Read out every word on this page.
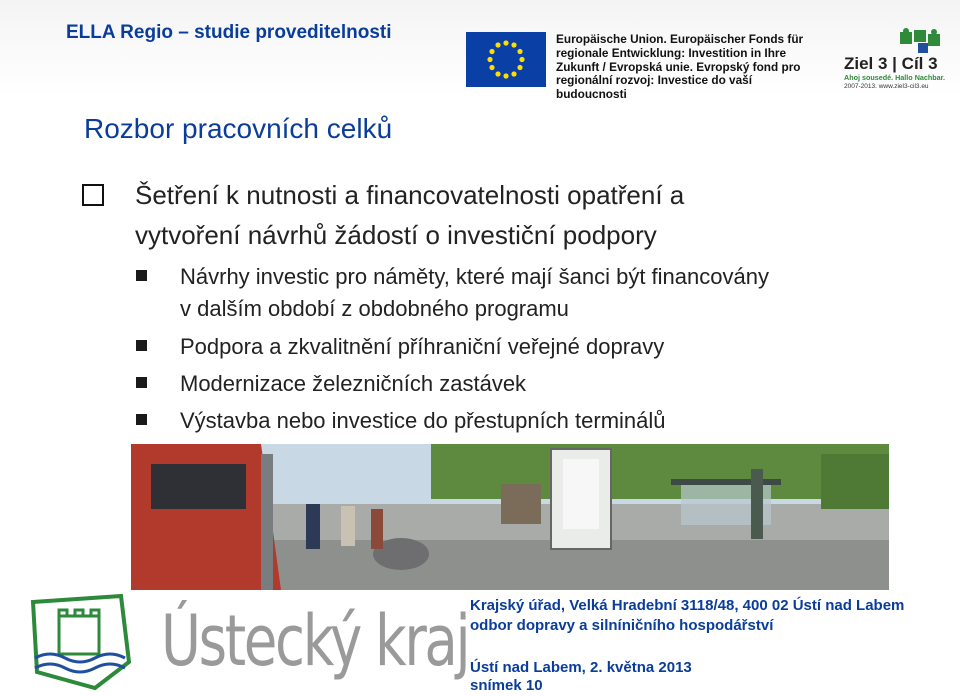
ELLA Regio – studie proveditelnosti	Europäische Union. Europäischer Fonds für
regionale Entwicklung: Investition in Ihre
Zukunft / Evropská unie. Evropský fond pro
regionální rozvoj: Investice do vaší budoucnosti
Ziel 3 | Cíl 3
Ahoj sousedé. Hallo Nachbar.
2007-2013. www.ziel3-cil3.eu
Rozbor pracovních celků
Šetření k nutnosti a financovatelnosti opatření a
vytvoření návrhů žádostí o investiční podpory
Návrhy investic pro náměty, které mají šanci být financovány
v dalším období z obdobného programu
Podpora a zkvalitnění příhraniční veřejné dopravy
Modernizace železničních zastávek
Výstavba nebo investice do přestupních terminálů
Ústecký kraj Krajský úřad, Velká Hradební 3118/48, 400 02 Ústí nad Labem
odbor dopravy a silníničního hospodářství
Ústí nad Labem, 2. května 2013
snímek 10
